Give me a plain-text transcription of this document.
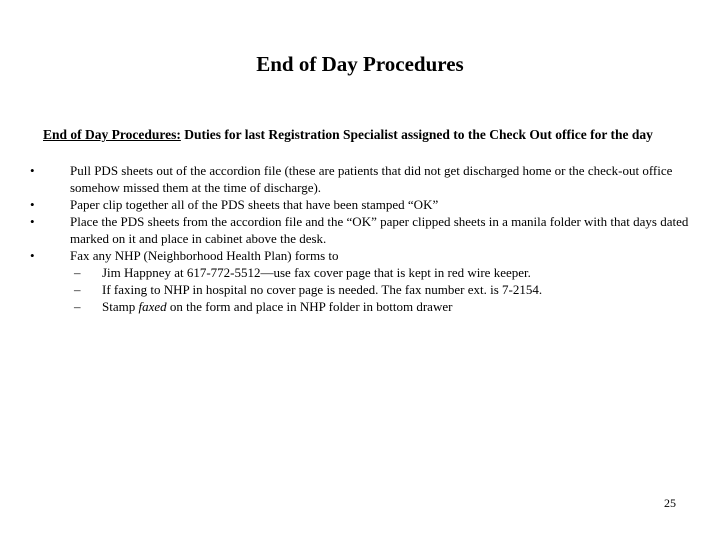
End of Day Procedures
End of Day Procedures: Duties for last Registration Specialist assigned to the Check Out office for the day
•	Pull PDS sheets out of the accordion file (these are patients that did not get discharged home or the check-out office somehow missed them at the time of discharge).
•	Paper clip together all of the PDS sheets that have been stamped “OK”
•	Place the PDS sheets from the accordion file and the “OK” paper clipped sheets in a manila folder with that days dated marked on it and place in cabinet above the desk.
•	Fax any NHP (Neighborhood Health Plan) forms to
–	Jim Happney at 617-772-5512—use fax cover page that is kept in red wire keeper.
–	If faxing to NHP in hospital no cover page is needed. The fax number ext. is 7-2154.
–	Stamp faxed on the form and place in NHP folder in bottom drawer
25
